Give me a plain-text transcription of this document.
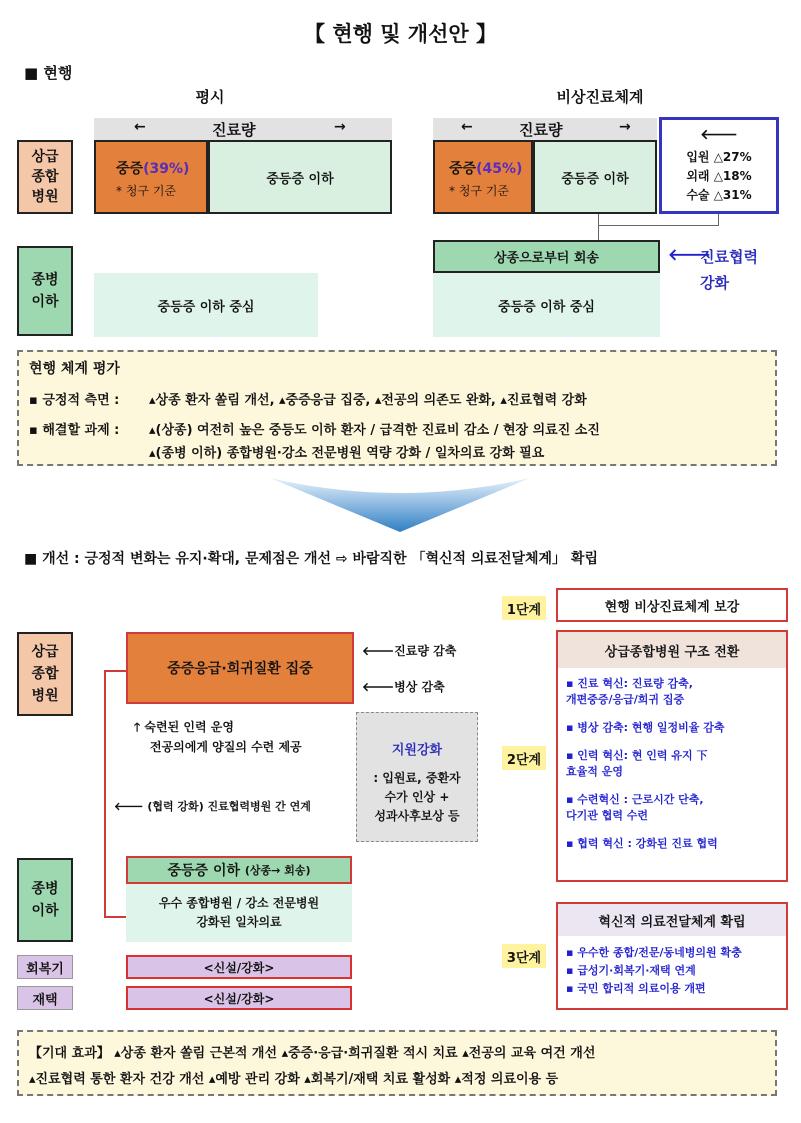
【 현행 및 개선안 】
■ 현행
평시	비상진료체계
←	진료량	→	←	진료량	→
상급
종합
병원
종병
이하
중증(39%)
* 청구 기준
중등증 이하
중증(45%)
* 청구 기준
중등증 이하
🡐
입원 △27%
외래 △18%
수술 △31%
상종으로부터 회송	🡐
진료협력
강화
중등증 이하 중심	중등증 이하 중심
현행 체계 평가
▪ 긍정적 측면 : ▴상종 환자 쏠림 개선, ▴중증응급 집중, ▴전공의 의존도 완화, ▴진료협력 강화
▪ 해결할 과제 : ▴(상종) 여전히 높은 중등도 이하 환자 / 급격한 진료비 감소 / 현장 의료진 소진
▴(종병 이하) 종합병원·강소 전문병원 역량 강화 / 일차의료 강화 필요
■ 개선 : 긍정적 변화는 유지·확대, 문제점은 개선 ⇨ 바람직한 「혁신적 의료전달체계」 확립
상급
종합
병원
종병
이하
회복기
재택
중증응급·희귀질환 집중
🡐진료량 감축
🡐병상 감축
🡑 숙련된 인력 운영
전공의에게 양질의 수련 제공
🡐 (협력 강화) 진료협력병원 간 연계
지원강화
: 입원료, 중환자
수가 인상 +
성과사후보상 등
중등증 이하
(상종→ 회송)
우수 종합병원 / 강소 전문병원
강화된 일차의료
<신설/강화>
<신설/강화>
1단계	현행 비상진료체계 보강
2단계
상급종합병원 구조 전환
▪ 진료 혁신: 진료량 감축,
개편중증/응급/희귀 집중
▪ 병상 감축: 현행 일정비율 감축
▪ 인력 혁신: 현 인력 유지 下
효율적 운영
▪ 수련혁신 : 근로시간 단축,
다기관 협력 수련
▪ 협력 혁신 : 강화된 진료 협력
3단계
혁신적 의료전달체계 확립
▪ 우수한 종합/전문/동네병의원 확충
▪ 급성기·회복기·재택 연계
▪ 국민 합리적 의료이용 개편
【기대 효과】 ▴상종 환자 쏠림 근본적 개선 ▴중증·응급·희귀질환 적시 치료 ▴전공의 교육 여건 개선
▴진료협력 통한 환자 건강 개선 ▴예방 관리 강화 ▴회복기/재택 치료 활성화 ▴적정 의료이용 등
